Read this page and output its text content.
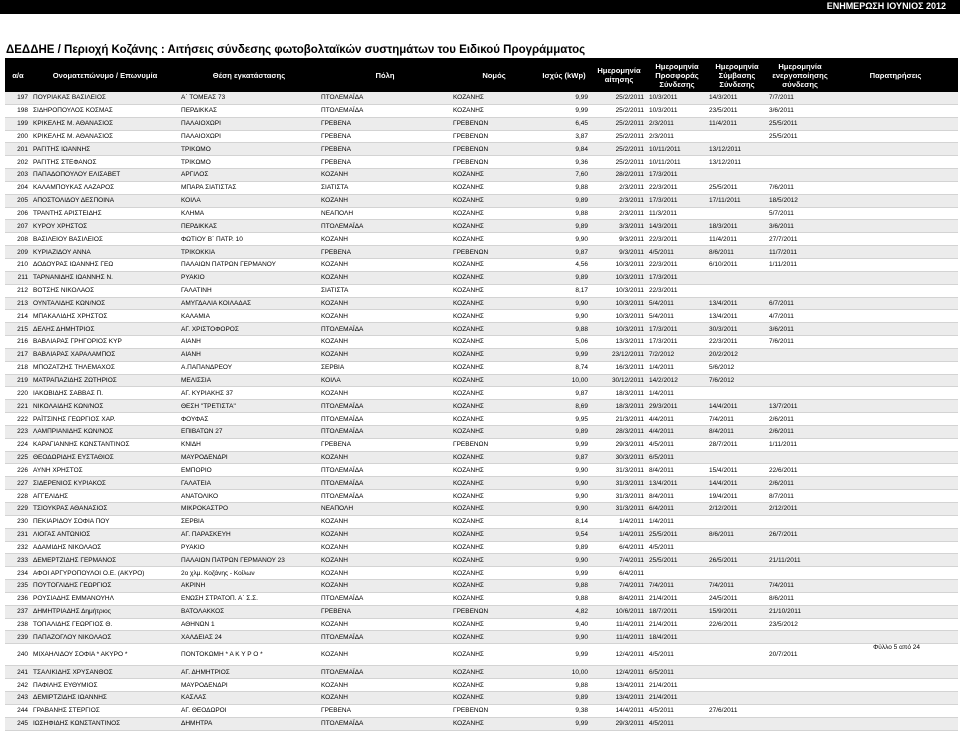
ΕΝΗΜΕΡΩΣΗ ΙΟΥΝΙΟΣ 2012
ΔΕΔΔΗΕ / Περιοχή Κοζάνης : Αιτήσεις σύνδεσης φωτοβολταϊκών συστημάτων του Ειδικού Προγράμματος
α/α	Ονοματεπώνυμο / Επωνυμία	Θέση εγκατάστασης	Πόλη	Νομός	Ισχύς (kWp)	Ημερομηνία αίτησης	Ημερομηνία Προσφοράς Σύνδεσης	Ημερομηνία Σύμβασης Σύνδεσης	Ημερομηνία ενεργοποίησης σύνδεσης	Παρατηρήσεις
197	ΠΟΥΡΙΑΚΑΣ ΒΑΣΙΛΕΙΟΣ	Α΄ ΤΟΜΕΑΣ 73	ΠΤΟΛΕΜΑΪΔΑ	ΚΟΖΑΝΗΣ	9,99	25/2/2011	10/3/2011	14/3/2011	7/7/2011	
198	ΣΙΔΗΡΟΠΟΥΛΟΣ ΚΟΣΜΑΣ	ΠΕΡΔΙΚΚΑΣ	ΠΤΟΛΕΜΑΪΔΑ	ΚΟΖΑΝΗΣ	9,99	25/2/2011	10/3/2011	23/5/2011	3/6/2011	
199	ΚΡΙΚΕΛΗΣ Μ. ΑΘΑΝΑΣΙΟΣ	ΠΑΛΑΙΟΧΩΡΙ	ΓΡΕΒΕΝΑ	ΓΡΕΒΕΝΩΝ	6,45	25/2/2011	2/3/2011	11/4/2011	25/5/2011	
200	ΚΡΙΚΕΛΗΣ Μ. ΑΘΑΝΑΣΙΟΣ	ΠΑΛΑΙΟΧΩΡΙ	ΓΡΕΒΕΝΑ	ΓΡΕΒΕΝΩΝ	3,87	25/2/2011	2/3/2011		25/5/2011	
201	ΡΑΓΙΤΗΣ ΙΩΑΝΝΗΣ	ΤΡΙΚΩΜΟ	ΓΡΕΒΕΝΑ	ΓΡΕΒΕΝΩΝ	9,84	25/2/2011	10/11/2011	13/12/2011		
202	ΡΑΓΙΤΗΣ ΣΤΕΦΑΝΟΣ	ΤΡΙΚΩΜΟ	ΓΡΕΒΕΝΑ	ΓΡΕΒΕΝΩΝ	9,36	25/2/2011	10/11/2011	13/12/2011		
203	ΠΑΠΑΔΟΠΟΥΛΟΥ ΕΛΙΣΑΒΕΤ	ΑΡΓΙΛΟΣ	ΚΟΖΑΝΗ	ΚΟΖΑΝΗΣ	7,60	28/2/2011	17/3/2011			
204	ΚΑΛΑΜΠΟΥΚΑΣ ΛΑΖΑΡΟΣ	ΜΠΑΡΑ ΣΙΑΤΙΣΤΑΣ	ΣΙΑΤΙΣΤΑ	ΚΟΖΑΝΗΣ	9,88	2/3/2011	22/3/2011	25/5/2011	7/6/2011	
205	ΑΠΟΣΤΟΛΙΔΟΥ ΔΕΣΠΟΙΝΑ	ΚΟΙΛΑ	ΚΟΖΑΝΗ	ΚΟΖΑΝΗΣ	9,89	2/3/2011	17/3/2011	17/11/2011	18/5/2012	
206	ΤΡΑΝΤΗΣ ΑΡΙΣΤΕΙΔΗΣ	ΚΛΗΜΑ	ΝΕΑΠΟΛΗ	ΚΟΖΑΝΗΣ	9,88	2/3/2011	11/3/2011		5/7/2011	
207	ΚΥΡΟΥ ΧΡΗΣΤΟΣ	ΠΕΡΔΙΚΚΑΣ	ΠΤΟΛΕΜΑΪΔΑ	ΚΟΖΑΝΗΣ	9,89	3/3/2011	14/3/2011	18/3/2011	3/6/2011	
208	ΒΑΣΙΛΕΙΟΥ ΒΑΣΙΛΕΙΟΣ	ΦΩΤΙΟΥ Β΄ ΠΑΤΡ. 10	ΚΟΖΑΝΗ	ΚΟΖΑΝΗΣ	9,90	9/3/2011	22/3/2011	11/4/2011	27/7/2011	
209	ΚΥΡΙΑΖΙΔΟΥ ΑΝΝΑ	ΤΡΙΚΟΚΚΙΑ	ΓΡΕΒΕΝΑ	ΓΡΕΒΕΝΩΝ	9,87	9/3/2011	4/5/2011	8/6/2011	11/7/2011	
210	ΔΟΔΟΥΡΑΣ ΙΩΑΝΝΗΣ ΓΕΩ	ΠΑΛΑΙΩΝ ΠΑΤΡΩΝ ΓΕΡΜΑΝΟΥ	ΚΟΖΑΝΗ	ΚΟΖΑΝΗΣ	4,56	10/3/2011	22/3/2011	6/10/2011	1/11/2011	
211	ΤΑΡΝΑΝΙΔΗΣ ΙΩΑΝΝΗΣ Ν.	ΡΥΑΚΙΟ	ΚΟΖΑΝΗ	ΚΟΖΑΝΗΣ	9,89	10/3/2011	17/3/2011			
212	ΒΟΤΣΗΣ ΝΙΚΟΛΑΟΣ	ΓΑΛΑΤΙΝΗ	ΣΙΑΤΙΣΤΑ	ΚΟΖΑΝΗΣ	8,17	10/3/2011	22/3/2011			
213	ΟΥΝΤΑΛΙΔΗΣ ΚΩΝ/ΝΟΣ	ΑΜΥΓΔΑΛΙΑ ΚΟΙΛΑΔΑΣ	ΚΟΖΑΝΗ	ΚΟΖΑΝΗΣ	9,90	10/3/2011	5/4/2011	13/4/2011	6/7/2011	
214	ΜΠΑΚΑΛΙΔΗΣ ΧΡΗΣΤΟΣ	ΚΑΛΑΜΙΑ	ΚΟΖΑΝΗ	ΚΟΖΑΝΗΣ	9,90	10/3/2011	5/4/2011	13/4/2011	4/7/2011	
215	ΔΕΛΗΣ ΔΗΜΗΤΡΙΟΣ	ΑΓ. ΧΡΙΣΤΟΦΟΡΟΣ	ΠΤΟΛΕΜΑΪΔΑ	ΚΟΖΑΝΗΣ	9,88	10/3/2011	17/3/2011	30/3/2011	3/6/2011	
216	ΒΑΒΛΙΑΡΑΣ ΓΡΗΓΟΡΙΟΣ ΚΥΡ	ΑΙΑΝΗ	ΚΟΖΑΝΗ	ΚΟΖΑΝΗΣ	5,06	13/3/2011	17/3/2011	22/3/2011	7/6/2011	
217	ΒΑΒΛΙΑΡΑΣ ΧΑΡΑΛΑΜΠΟΣ	ΑΙΑΝΗ	ΚΟΖΑΝΗ	ΚΟΖΑΝΗΣ	9,99	23/12/2011	7/2/2012	20/2/2012		
218	ΜΠΟΖΑΤΖΗΣ ΤΗΛΕΜΑΧΟΣ	Α.ΠΑΠΑΝΔΡΕΟΥ	ΣΕΡΒΙΑ	ΚΟΖΑΝΗΣ	8,74	16/3/2011	1/4/2011	5/6/2012		
219	ΜΑΤΡΑΠΑΖΙΔΗΣ ΖΩΤΗΡΙΟΣ	ΜΕΛΙΣΣΙΑ	ΚΟΙΛΑ	ΚΟΖΑΝΗΣ	10,00	30/12/2011	14/2/2012	7/6/2012		
220	ΙΑΚΩΒΙΔΗΣ ΣΑΒΒΑΣ Π.	ΑΓ. ΚΥΡΙΑΚΗΣ 37	ΚΟΖΑΝΗ	ΚΟΖΑΝΗΣ	9,87	18/3/2011	1/4/2011			
221	ΝΙΚΟΛΑΙΔΗΣ ΚΩΝ/ΝΟΣ	ΘΕΣΗ "ΤΡΕΤΙΣΤΑ"	ΠΤΟΛΕΜΑΪΔΑ	ΚΟΖΑΝΗΣ	8,69	18/3/2011	29/3/2011	14/4/2011	13/7/2011	
222	ΡΑΪΤΣΙΝΗΣ ΓΕΩΡΓΙΟΣ ΧΑΡ.	ΦΟΥΦΑΣ	ΠΤΟΛΕΜΑΪΔΑ	ΚΟΖΑΝΗΣ	9,95	21/3/2011	4/4/2011	7/4/2011	2/6/2011	
223	ΛΑΜΠΡΙΑΝΙΔΗΣ ΚΩΝ/ΝΟΣ	ΕΠΙΒΑΤΩΝ 27	ΠΤΟΛΕΜΑΪΔΑ	ΚΟΖΑΝΗΣ	9,89	28/3/2011	4/4/2011	8/4/2011	2/6/2011	
224	ΚΑΡΑΓΙΑΝΝΗΣ ΚΩΝΣΤΑΝΤΙΝΟΣ	ΚΝΙΔΗ	ΓΡΕΒΕΝΑ	ΓΡΕΒΕΝΩΝ	9,99	29/3/2011	4/5/2011	28/7/2011	1/11/2011	
225	ΘΕΟΔΩΡΙΔΗΣ ΕΥΣΤΑΘΙΟΣ	ΜΑΥΡΟΔΕΝΔΡΙ	ΚΟΖΑΝΗ	ΚΟΖΑΝΗΣ	9,87	30/3/2011	6/5/2011			
226	ΑΥΝΗ ΧΡΗΣΤΟΣ	ΕΜΠΟΡΙΟ	ΠΤΟΛΕΜΑΪΔΑ	ΚΟΖΑΝΗΣ	9,90	31/3/2011	8/4/2011	15/4/2011	22/6/2011	
227	ΣΙΔΕΡΕΝΙΟΣ ΚΥΡΙΑΚΟΣ	ΓΑΛΑΤΕΙΑ	ΠΤΟΛΕΜΑΪΔΑ	ΚΟΖΑΝΗΣ	9,90	31/3/2011	13/4/2011	14/4/2011	2/6/2011	
228	ΑΓΓΕΛΙΔΗΣ	ΑΝΑΤΟΛΙΚΟ	ΠΤΟΛΕΜΑΪΔΑ	ΚΟΖΑΝΗΣ	9,90	31/3/2011	8/4/2011	19/4/2011	8/7/2011	
229	ΤΣΙΟΥΚΡΑΣ ΑΘΑΝΑΣΙΟΣ	ΜΙΚΡΟΚΑΣΤΡΟ	ΝΕΑΠΟΛΗ	ΚΟΖΑΝΗΣ	9,90	31/3/2011	6/4/2011	2/12/2011	2/12/2011	
230	ΠΕΚΙΑΡΙΔΟΥ ΣΟΦΙΑ ΠΟΥ	ΣΕΡΒΙΑ	ΚΟΖΑΝΗ	ΚΟΖΑΝΗΣ	8,14	1/4/2011	1/4/2011			
231	ΛΙΟΓΑΣ ΑΝΤΩΝΙΟΣ	ΑΓ. ΠΑΡΑΣΚΕΥΗ	ΚΟΖΑΝΗ	ΚΟΖΑΝΗΣ	9,54	1/4/2011	25/5/2011	8/6/2011	26/7/2011	
232	ΑΔΑΜΙΔΗΣ ΝΙΚΟΛΑΟΣ	ΡΥΑΚΙΟ	ΚΟΖΑΝΗ	ΚΟΖΑΝΗΣ	9,89	6/4/2011	4/5/2011			
233	ΔΕΜΕΡΤΖΙΔΗΣ ΓΕΡΜΑΝΟΣ	ΠΑΛΑΙΩΝ ΠΑΤΡΩΝ ΓΕΡΜΑΝΟΥ 23	ΚΟΖΑΝΗ	ΚΟΖΑΝΗΣ	9,90	7/4/2011	25/5/2011	26/5/2011	21/11/2011	
234	ΑΦΟΙ ΑΡΓΥΡΟΠΟΥΛΟΙ Ο.Ε. (ΑΚΥΡΟ)	2ο χλμ. Κοζάνης - Κοίλων	ΚΟΖΑΝΗ	ΚΟΖΑΝΗΣ	9,99	6/4/2011				
235	ΠΟΥΤΟΓΛΙΔΗΣ ΓΕΩΡΓΙΟΣ	ΑΚΡΙΝΗ	ΚΟΖΑΝΗ	ΚΟΖΑΝΗΣ	9,88	7/4/2011	7/4/2011	7/4/2011	7/4/2011	
236	ΡΟΥΣΙΑΔΗΣ ΕΜΜΑΝΟΥΗΛ	ΕΝΩΣΗ ΣΤΡΑΤΟΠ. Α΄ Σ.Σ.	ΠΤΟΛΕΜΑΪΔΑ	ΚΟΖΑΝΗΣ	9,88	8/4/2011	21/4/2011	24/5/2011	8/6/2011	
237	ΔΗΜΗΤΡΙΑΔΗΣ Δημήτριος	ΒΑΤΟΛΑΚΚΟΣ	ΓΡΕΒΕΝΑ	ΓΡΕΒΕΝΩΝ	4,82	10/6/2011	18/7/2011	15/9/2011	21/10/2011	
238	ΤΟΠΑΛΙΔΗΣ ΓΕΩΡΓΙΟΣ Θ.	ΑΘΗΝΩΝ 1	ΚΟΖΑΝΗ	ΚΟΖΑΝΗΣ	9,40	11/4/2011	21/4/2011	22/6/2011	23/5/2012	
239	ΠΑΠΑΖΟΓΛΟΥ ΝΙΚΟΛΑΟΣ	ΧΑΛΔΕΙΑΣ 24	ΠΤΟΛΕΜΑΪΔΑ	ΚΟΖΑΝΗΣ	9,90	11/4/2011	18/4/2011			
240	ΜΙΧΑΗΛΙΔΟΥ ΣΟΦΙΑ * ΑΚΥΡΟ *	ΠΟΝΤΟΚΩΜΗ * Α Κ Υ Ρ Ο *	ΚΟΖΑΝΗ	ΚΟΖΑΝΗΣ	9,99	12/4/2011	4/5/2011		20/7/2011	
241	ΤΣΑΛΙΚΙΔΗΣ ΧΡΥΣΑΝΘΟΣ	ΑΓ. ΔΗΜΗΤΡΙΟΣ	ΠΤΟΛΕΜΑΪΔΑ	ΚΟΖΑΝΗΣ	10,00	12/4/2011	6/5/2011			
242	ΠΑΦΙΛΗΣ ΕΥΘΥΜΙΟΣ	ΜΑΥΡΟΔΕΝΔΡΙ	ΚΟΖΑΝΗ	ΚΟΖΑΝΗΣ	9,88	13/4/2011	21/4/2011			
243	ΔΕΜΙΡΤΖΙΔΗΣ ΙΩΑΝΝΗΣ	ΚΑΣΛΑΣ	ΚΟΖΑΝΗ	ΚΟΖΑΝΗΣ	9,89	13/4/2011	21/4/2011			
244	ΓΡΑΒΑΝΗΣ ΣΤΕΡΓΙΟΣ	ΑΓ. ΘΕΟΔΩΡΟΙ	ΓΡΕΒΕΝΑ	ΓΡΕΒΕΝΩΝ	9,38	14/4/2011	4/5/2011	27/6/2011		
245	ΙΩΣΗΦΙΔΗΣ ΚΩΝΣΤΑΝΤΙΝΟΣ	ΔΗΜΗΤΡΑ	ΠΤΟΛΕΜΑΪΔΑ	ΚΟΖΑΝΗΣ	9,99	29/3/2011	4/5/2011			
Φύλλο 5 από 24
